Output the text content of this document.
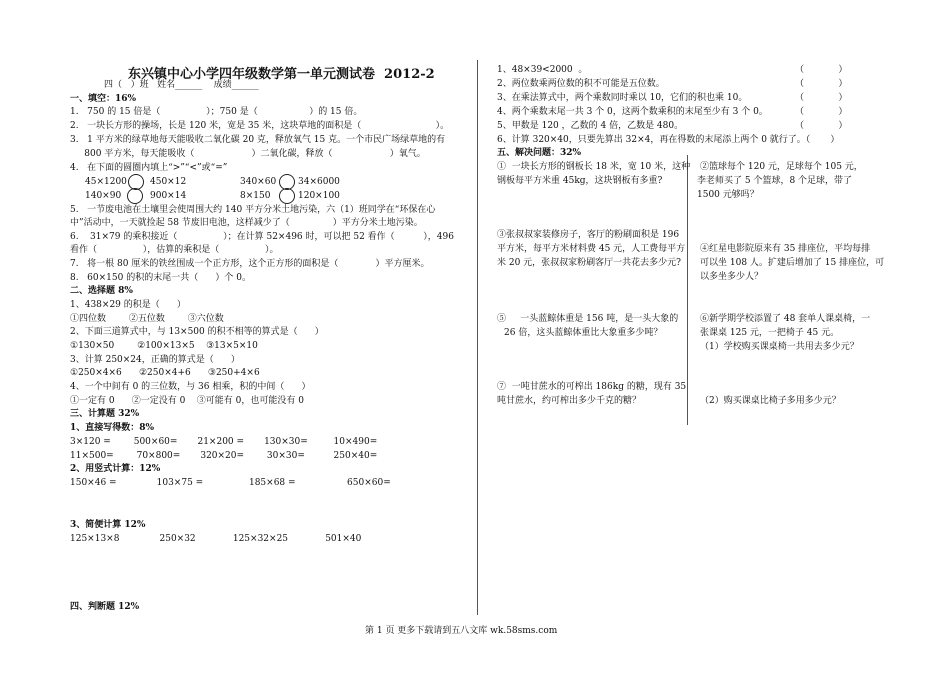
东兴镇中心小学四年级数学第一单元测试卷  2012-2
四（   ）班   姓名______    成绩______
一、填空：16%
1.   750 的 15 倍是（                ）；750 是（                  ）的 15 倍。
2.   一块长方形的操场，长是 120 米，宽是 35 米，这块草地的面积是（                          ）。
3.   1 平方米的绿草地每天能吸收二氧化碳 20 克，释放氧气 15 克。一个市民广场绿草地的有
800 平方米，每天能吸收（                    ）二氧化碳，释放（                    ）氧气。
4.   在下面的圆圈内填上“>”“<”或“=”
45×1200	450×12	340×60 34×6000
140×90	900×14	8×150	120×100
5.   一节废电池在土壤里会使周围大约 140 平方分米土地污染，六（1）班同学在“环保在心
中”活动中，一天就捡起 58 节废旧电池，这样减少了（               ）平方分米土地污染。
6.    31×79 的乘积接近（                ）；在计算 52×496 时，可以把 52 看作（          ），496
看作（                ），估算的乘积是（                ）。
7.   将一根 80 厘米的铁丝围成一个正方形，这个正方形的面积是（             ）平方厘米。
8.   60×150 的积的末尾一共（      ）个 0。
二、选择题 8%
1、438×29 的积是（      ）
①四位数        ②五位数        ③六位数
2、下面三道算式中，与 13×500 的积不相等的算式是（      ）
①130×50        ②100×13×5    ③13×5×10
3、计算 250×24，正确的算式是（      ）
①250×4×6      ②250×4+6      ③250+4×6
4、一个中间有 0 的三位数，与 36 相乘，积的中间（      ）
①一定有 0      ②一定没有 0    ③可能有 0，也可能没有 0
三、计算题 32%
1、直接写得数：8%
3×120 =        500×60=       21×200 =       130×30=         10×490=
11×500=        70×800=       320×20=        30×30=          250×40=
2、用竖式计算：12%
150×46 =              103×75 =                185×68 =                  650×60=
3、简便计算 12%
125×13×8              250×32             125×32×25             501×40
四、判断题 12%
1、48×39<2000  。	（            ）
2、两位数乘两位数的积不可能是五位数。	（            ）
3、在乘法算式中，两个乘数同时乘以 10，它们的积也乘 10。	（            ）
4、两个乘数末尾一共 3 个 0，这两个数乘积的末尾至少有 3 个 0。	（            ）
5、甲数是 120 ，乙数的 4 倍，乙数是 480。	（            ）
6、计算 320×40，只要先算出 32×4，再在得数的末尾添上两个 0 就行了。（       ）
五、解决问题：32%
①  一块长方形的钢板长 18 米，宽 10 米，这种
钢板每平方米重 45kg，这块钢板有多重?
③张叔叔家装修房子，客厅的粉刷面积是 196
平方米，每平方米材料费 45 元，人工费每平方
米 20 元，张叔叔家粉刷客厅一共花去多少元?
⑤     一头蓝鲸体重是 156 吨，是一头大象的
26 倍，这头蓝鲸体重比大象重多少吨？
⑦  一吨甘蔗水的可榨出 186kg 的糖，现有 35
吨甘蔗水，约可榨出多少千克的糖？
②篮球每个 120 元，足球每个 105 元，
李老师买了 5 个篮球，8 个足球，带了
1500 元够吗？
④红星电影院原来有 35 排座位，平均每排
可以坐 108 人。扩建后增加了 15 排座位，可
以多坐多少人？
⑥新学期学校添置了 48 套单人课桌椅，一
张课桌 125 元，一把椅子 45 元。
（1）学校购买课桌椅一共用去多少元？
（2）购买课桌比椅子多用多少元？
第 1 页 更多下载请到五八文库 wk.58sms.com
